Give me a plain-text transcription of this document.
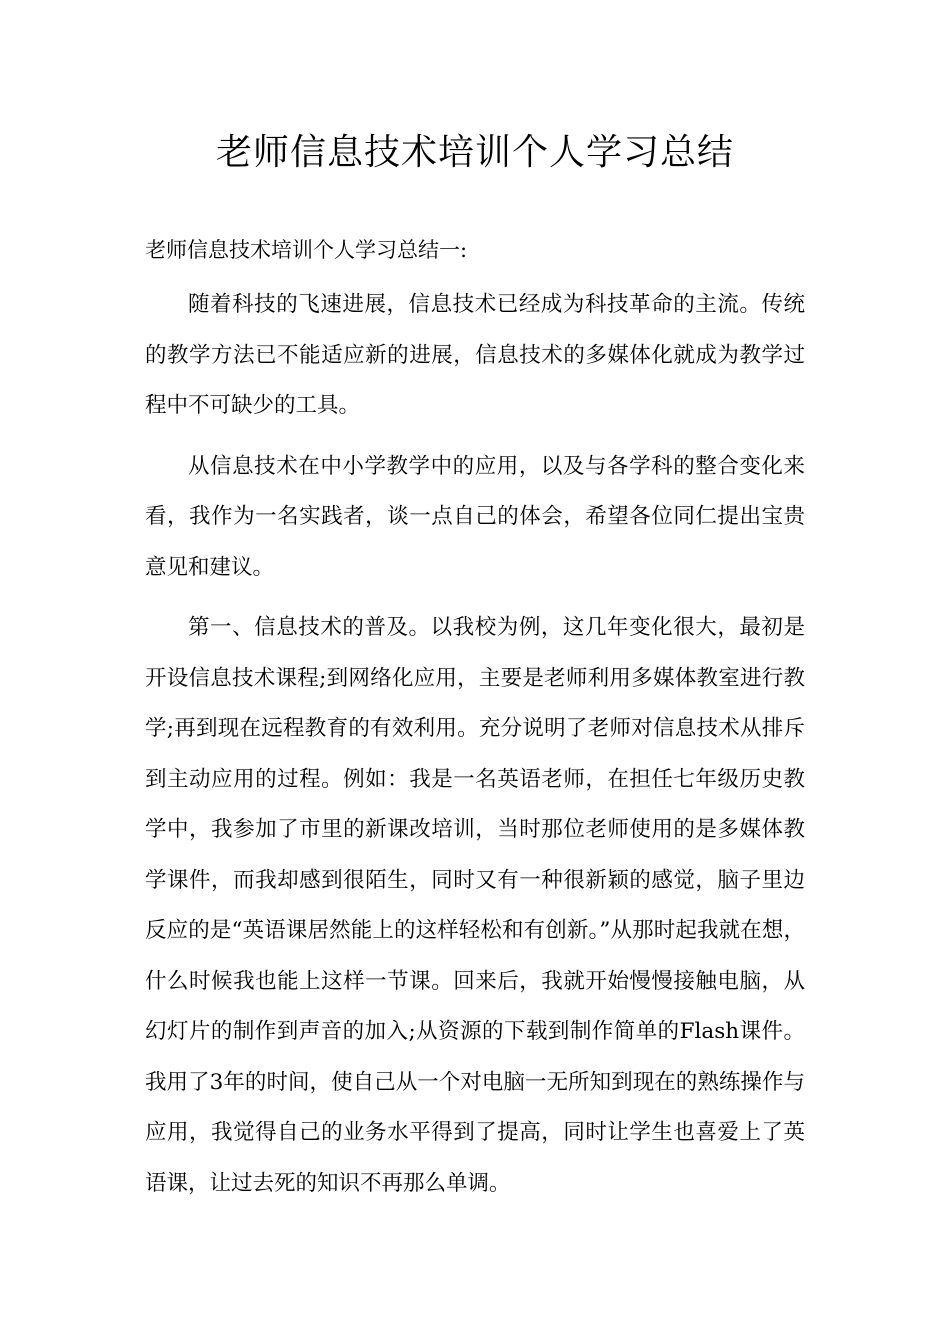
老师信息技术培训个人学习总结

老师信息技术培训个人学习总结一:

随着科技的飞速进展，信息技术已经成为科技革命的主流。传统的教学方法已不能适应新的进展，信息技术的多媒体化就成为教学过程中不可缺少的工具。

从信息技术在中小学教学中的应用，以及与各学科的整合变化来看，我作为一名实践者，谈一点自己的体会，希望各位同仁提出宝贵意见和建议。

第一、信息技术的普及。以我校为例，这几年变化很大，最初是开设信息技术课程;到网络化应用，主要是老师利用多媒体教室进行教学;再到现在远程教育的有效利用。充分说明了老师对信息技术从排斥到主动应用的过程。例如：我是一名英语老师，在担任七年级历史教学中，我参加了市里的新课改培训，当时那位老师使用的是多媒体教学课件，而我却感到很陌生，同时又有一种很新颖的感觉，脑子里边反应的是“英语课居然能上的这样轻松和有创新。”从那时起我就在想，什么时候我也能上这样一节课。回来后，我就开始慢慢接触电脑，从幻灯片的制作到声音的加入;从资源的下载到制作简单的Flash课件。我用了3年的时间，使自己从一个对电脑一无所知到现在的熟练操作与应用，我觉得自己的业务水平得到了提高，同时让学生也喜爱上了英语课，让过去死的知识不再那么单调。
